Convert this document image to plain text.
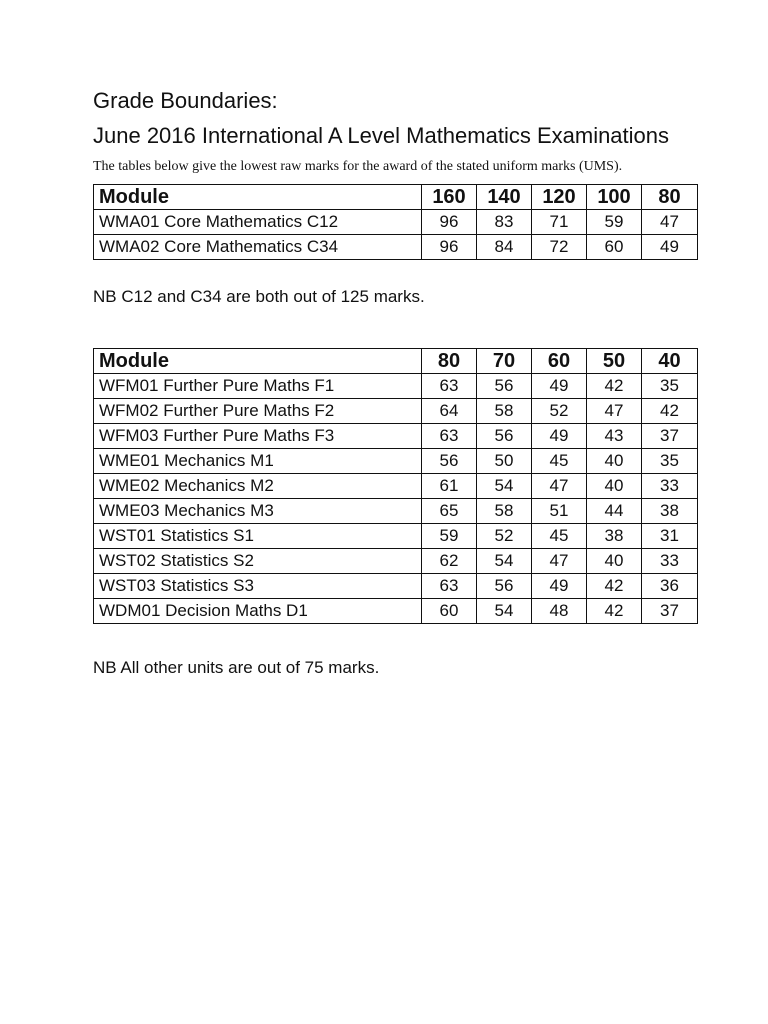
Grade Boundaries:
June 2016 International A Level Mathematics Examinations

The tables below give the lowest raw marks for the award of the stated uniform marks (UMS).

Module	160	140	120	100	80
WMA01 Core Mathematics C12	96	83	71	59	47
WMA02 Core Mathematics C34	96	84	72	60	49

NB C12 and C34 are both out of 125 marks.

Module	80	70	60	50	40
WFM01 Further Pure Maths F1	63	56	49	42	35
WFM02 Further Pure Maths F2	64	58	52	47	42
WFM03 Further Pure Maths F3	63	56	49	43	37
WME01 Mechanics M1	56	50	45	40	35
WME02 Mechanics M2	61	54	47	40	33
WME03 Mechanics M3	65	58	51	44	38
WST01 Statistics S1	59	52	45	38	31
WST02 Statistics S2	62	54	47	40	33
WST03 Statistics S3	63	56	49	42	36
WDM01 Decision Maths D1	60	54	48	42	37

NB All other units are out of 75 marks.
